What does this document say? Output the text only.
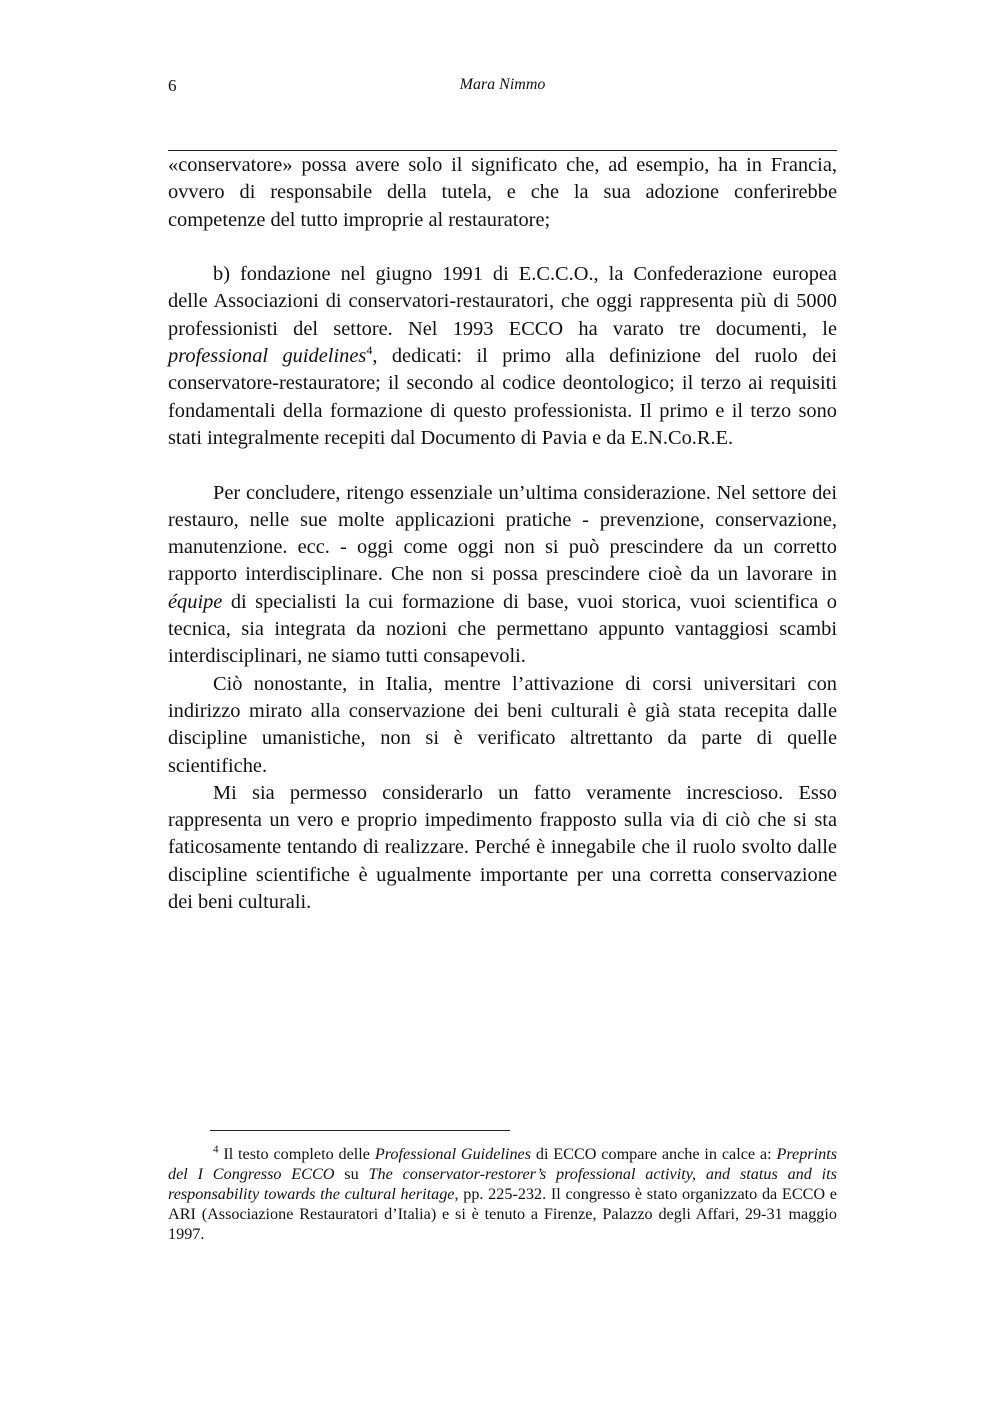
6	Mara Nimmo

«conservatore» possa avere solo il significato che, ad esempio, ha in Francia, ovvero di responsabile della tutela, e che la sua adozione conferirebbe competenze del tutto improprie al restauratore;

b) fondazione nel giugno 1991 di E.C.C.O., la Confederazione europea delle Associazioni di conservatori-restauratori, che oggi rappresenta più di 5000 professionisti del settore. Nel 1993 ECCO ha varato tre documenti, le professional guidelines$^4$, dedicati: il primo alla definizione del ruolo dei conservatore-restauratore; il secondo al codice deontologico; il terzo ai requisiti fondamentali della formazione di questo professionista. Il primo e il terzo sono stati integralmente recepiti dal Documento di Pavia e da E.N.Co.R.E.

Per concludere, ritengo essenziale un’ultima considerazione. Nel settore dei restauro, nelle sue molte applicazioni pratiche - prevenzione, conservazione, manutenzione. ecc. - oggi come oggi non si può prescindere da un corretto rapporto interdisciplinare. Che non si possa prescindere cioè da un lavorare in équipe di specialisti la cui formazione di base, vuoi storica, vuoi scientifica o tecnica, sia integrata da nozioni che permettano appunto vantaggiosi scambi interdisciplinari, ne siamo tutti consapevoli.

Ciò nonostante, in Italia, mentre l’attivazione di corsi universitari con indirizzo mirato alla conservazione dei beni culturali è già stata recepita dalle discipline umanistiche, non si è verificato altrettanto da parte di quelle scientifiche.

Mi sia permesso considerarlo un fatto veramente increscioso. Esso rappresenta un vero e proprio impedimento frapposto sulla via di ciò che si sta faticosamente tentando di realizzare. Perché è innegabile che il ruolo svolto dalle discipline scientifiche è ugualmente importante per una corretta conservazione dei beni culturali.

$^4$ Il testo completo delle Professional Guidelines di ECCO compare anche in calce a: Preprints del I Congresso ECCO su The conservator-restorer’s professional activity, and status and its responsability towards the cultural heritage, pp. 225-232. Il congresso è stato organizzato da ECCO e ARI (Associazione Restauratori d’Italia) e si è tenuto a Firenze, Palazzo degli Affari, 29-31 maggio 1997.
